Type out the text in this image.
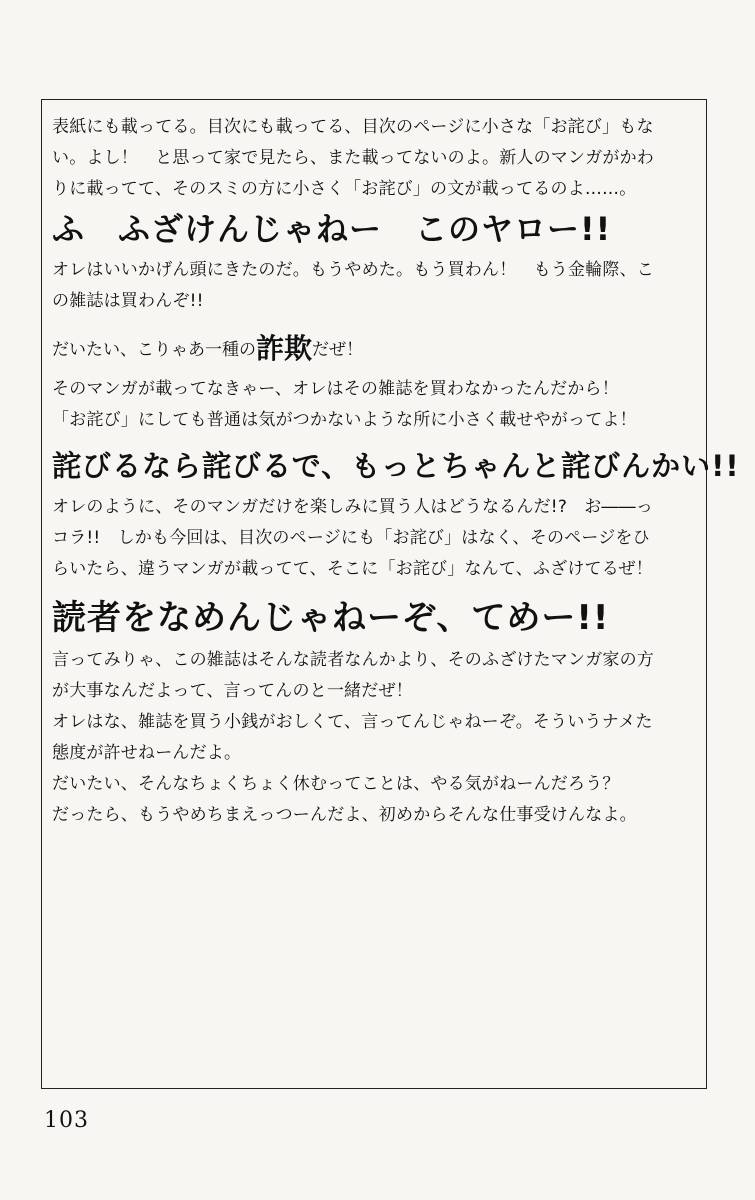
表紙にも載ってる。目次にも載ってる、目次のページに小さな「お詫び」もな

い。よし！　と思って家で見たら、また載ってないのよ。新人のマンガがかわ

りに載ってて、そのスミの方に小さく「お詫び」の文が載ってるのよ……。

ふ　ふざけんじゃねー　このヤロー!!

オレはいいかげん頭にきたのだ。もうやめた。もう買わん！　もう金輪際、こ

の雑誌は買わんぞ!!

だいたい、こりゃあ一種の詐欺だぜ！

そのマンガが載ってなきゃー、オレはその雑誌を買わなかったんだから！

「お詫び」にしても普通は気がつかないような所に小さく載せやがってよ！

詫びるなら詫びるで、もっとちゃんと詫びんかい!!

オレのように、そのマンガだけを楽しみに買う人はどうなるんだ!?　お――っ

コラ!!　しかも今回は、目次のページにも「お詫び」はなく、そのページをひ

らいたら、違うマンガが載ってて、そこに「お詫び」なんて、ふざけてるぜ！

読者をなめんじゃねーぞ、てめー!!

言ってみりゃ、この雑誌はそんな読者なんかより、そのふざけたマンガ家の方

が大事なんだよって、言ってんのと一緒だぜ！

オレはな、雑誌を買う小銭がおしくて、言ってんじゃねーぞ。そういうナメた

態度が許せねーんだよ。

だいたい、そんなちょくちょく休むってことは、やる気がねーんだろう？

だったら、もうやめちまえっつーんだよ、初めからそんな仕事受けんなよ。

103
